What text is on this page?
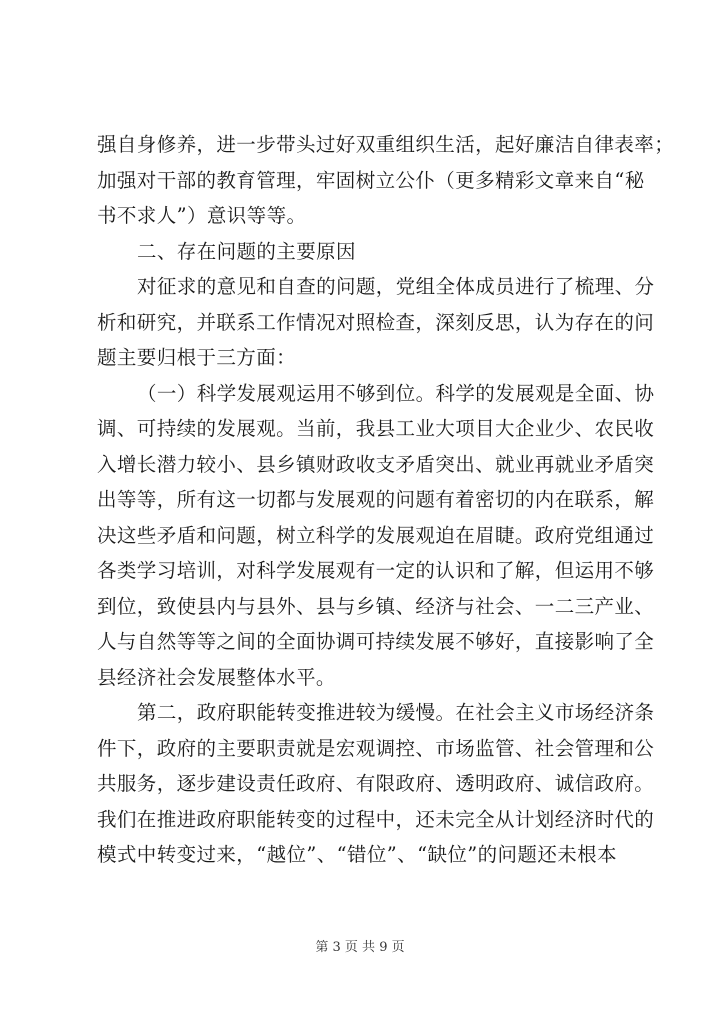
强自身修养，进一步带头过好双重组织生活，起好廉洁自律表率；
加强对干部的教育管理，牢固树立公仆（更多精彩文章来自“秘
书不求人”）意识等等。
二、存在问题的主要原因
对征求的意见和自查的问题，党组全体成员进行了梳理、分
析和研究，并联系工作情况对照检查，深刻反思，认为存在的问
题主要归根于三方面：
（一）科学发展观运用不够到位。科学的发展观是全面、协
调、可持续的发展观。当前，我县工业大项目大企业少、农民收
入增长潜力较小、县乡镇财政收支矛盾突出、就业再就业矛盾突
出等等，所有这一切都与发展观的问题有着密切的内在联系，解
决这些矛盾和问题，树立科学的发展观迫在眉睫。政府党组通过
各类学习培训，对科学发展观有一定的认识和了解，但运用不够
到位，致使县内与县外、县与乡镇、经济与社会、一二三产业、
人与自然等等之间的全面协调可持续发展不够好，直接影响了全
县经济社会发展整体水平。
第二，政府职能转变推进较为缓慢。在社会主义市场经济条
件下，政府的主要职责就是宏观调控、市场监管、社会管理和公
共服务，逐步建设责任政府、有限政府、透明政府、诚信政府。
我们在推进政府职能转变的过程中，还未完全从计划经济时代的
模式中转变过来，“越位”、“错位”、“缺位”的问题还未根本
第 3 页 共 9 页
